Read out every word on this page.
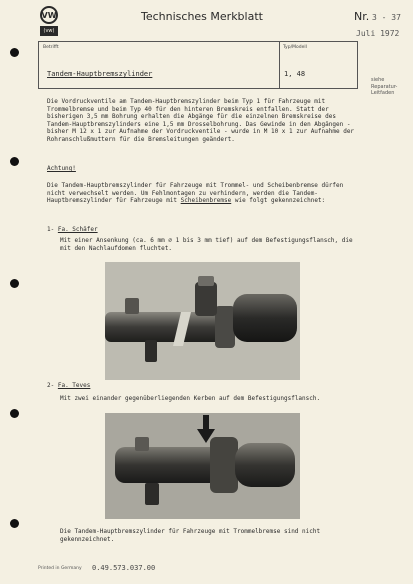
VW
(vw)
Technisches Merkblatt	Nr. 3 - 37
Juli 1972
Betrifft	Typ/Modell
Tandem-Hauptbremszylinder	1, 48
siehe
Reparatur-
Leitfaden
Die Vordruckventile am Tandem-Hauptbremszylinder beim Typ 1 für Fahrzeuge mit Trommelbremse und beim Typ 40 für den hinteren Bremskreis entfallen. Statt der bisherigen 3,5 mm Bohrung erhalten die Abgänge für die einzelnen Bremskreise des Tandem-Hauptbremszylinders eine 1,5 mm Drosselbohrung. Das Gewinde in den Abgängen - bisher M 12 x 1 zur Aufnahme der Vordruckventile - wurde in M 10 x 1 zur Aufnahme der Rohranschlußmuttern für die Bremsleitungen geändert.
Achtung!
Die Tandem-Hauptbremszylinder für Fahrzeuge mit Trommel- und Scheibenbremse dürfen nicht verwechselt werden. Um Fehlmontagen zu verhindern, werden die Tandem-Hauptbremszylinder für Fahrzeuge mit Scheibenbremse wie folgt gekennzeichnet:
1- Fa. Schäfer
Mit einer Ansenkung (ca. 6 mm ∅ 1 bis 3 mm tief) auf dem Befestigungsflansch, die mit den Nachlaufdomen fluchtet.
2- Fa. Teves
Mit zwei einander gegenüberliegenden Kerben auf dem Befestigungsflansch.
Die Tandem-Hauptbremszylinder für Fahrzeuge mit Trommelbremse sind nicht gekennzeichnet.
Printed in Germany 0.49.573.037.00
